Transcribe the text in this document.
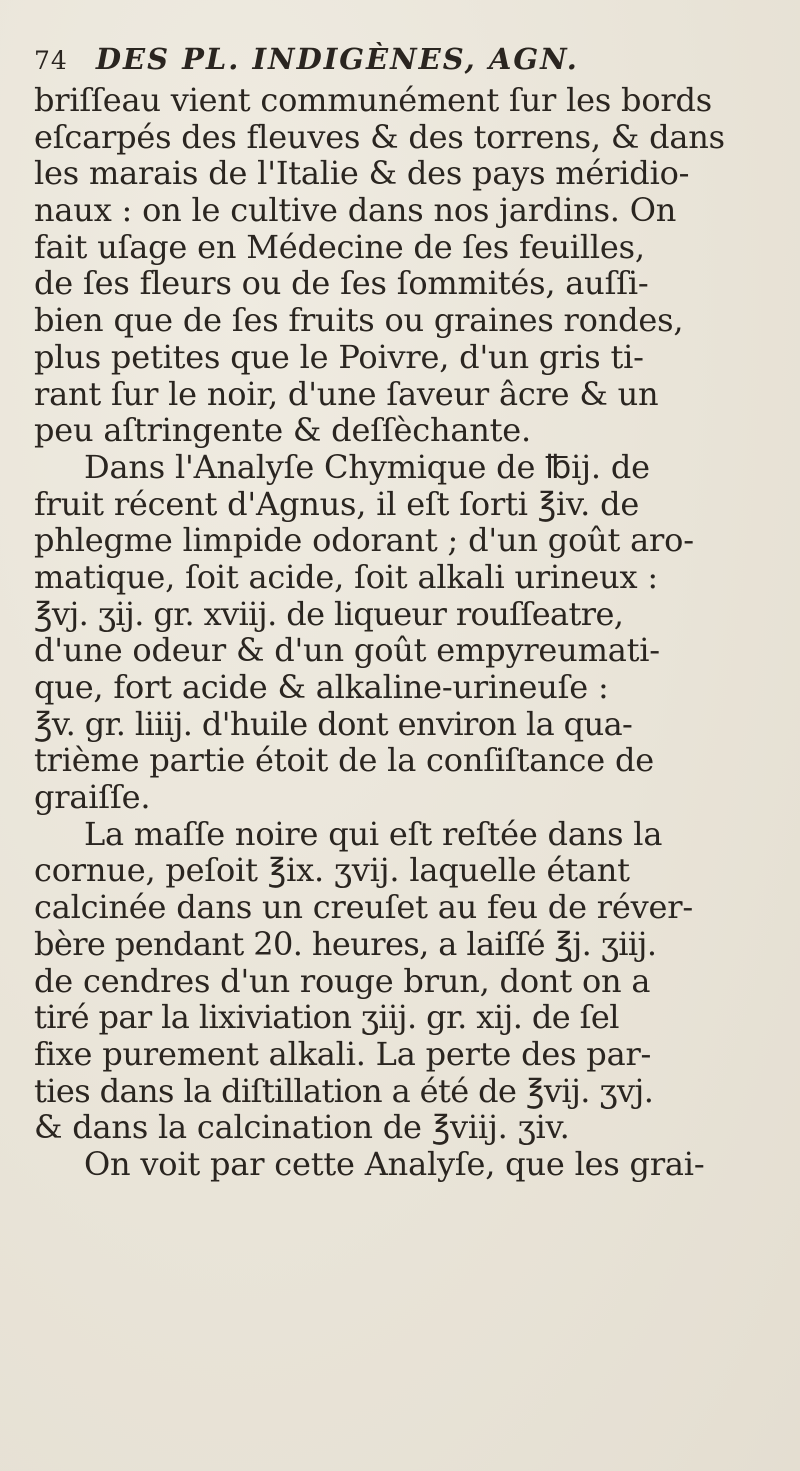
74 DES PL. INDIGÈNES, AGN.
briſſeau vient communément ſur les bords
eſcarpés des fleuves & des torrens, & dans
les marais de l'Italie & des pays méridio-
naux : on le cultive dans nos jardins. On
fait uſage en Médecine de ſes feuilles,
de ſes fleurs ou de ſes ſommités, auſſi-
bien que de ſes fruits ou graines rondes,
plus petites que le Poivre, d'un gris ti-
rant ſur le noir, d'une ſaveur âcre & un
peu aſtringente & deſſèchante.
Dans l'Analyſe Chymique de ℔ij. de
fruit récent d'Agnus, il eſt ſorti ℥iv. de
phlegme limpide odorant ; d'un goût aro-
matique, ſoit acide, ſoit alkali urineux :
℥vj. ʒij. gr. xviij. de liqueur rouſſeatre,
d'une odeur & d'un goût empyreumati-
que, fort acide & alkaline-urineuſe :
℥v. gr. liiij. d'huile dont environ la qua-
trième partie étoit de la conſiſtance de
graiſſe.
La maſſe noire qui eſt reſtée dans la
cornue, peſoit ℥ix. ʒvij. laquelle étant
calcinée dans un creuſet au feu de réver-
bère pendant 20. heures, a laiſſé ℥j. ʒiij.
de cendres d'un rouge brun, dont on a
tiré par la lixiviation ʒiij. gr. xij. de ſel
fixe purement alkali. La perte des par-
ties dans la diſtillation a été de ℥vij. ʒvj.
& dans la calcination de ℥viij. ʒiv.
On voit par cette Analyſe, que les grai-
